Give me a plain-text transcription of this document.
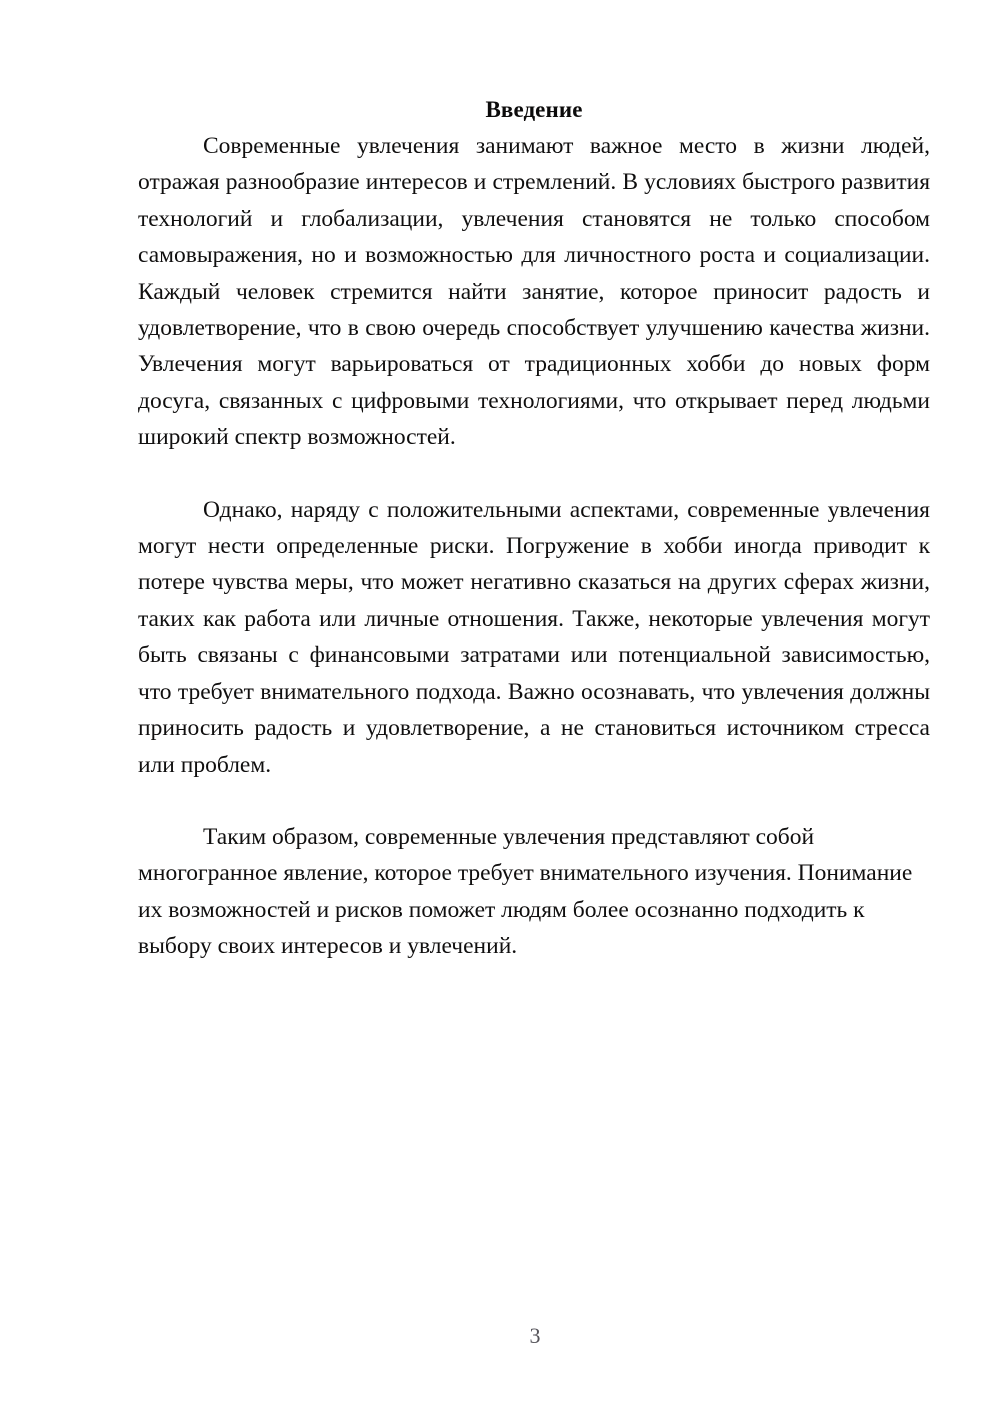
Введение

Современные увлечения занимают важное место в жизни людей, отражая разнообразие интересов и стремлений. В условиях быстрого развития технологий и глобализации, увлечения становятся не только способом самовыражения, но и возможностью для личностного роста и социализации. Каждый человек стремится найти занятие, которое приносит радость и удовлетворение, что в свою очередь способствует улучшению качества жизни. Увлечения могут варьироваться от традиционных хобби до новых форм досуга, связанных с цифровыми технологиями, что открывает перед людьми широкий спектр возможностей.

Однако, наряду с положительными аспектами, современные увлечения могут нести определенные риски. Погружение в хобби иногда приводит к потере чувства меры, что может негативно сказаться на других сферах жизни, таких как работа или личные отношения. Также, некоторые увлечения могут быть связаны с финансовыми затратами или потенциальной зависимостью, что требует внимательного подхода. Важно осознавать, что увлечения должны приносить радость и удовлетворение, а не становиться источником стресса или проблем.

Таким образом, современные увлечения представляют собой многогранное явление, которое требует внимательного изучения. Понимание их возможностей и рисков поможет людям более осознанно подходить к выбору своих интересов и увлечений.

3
